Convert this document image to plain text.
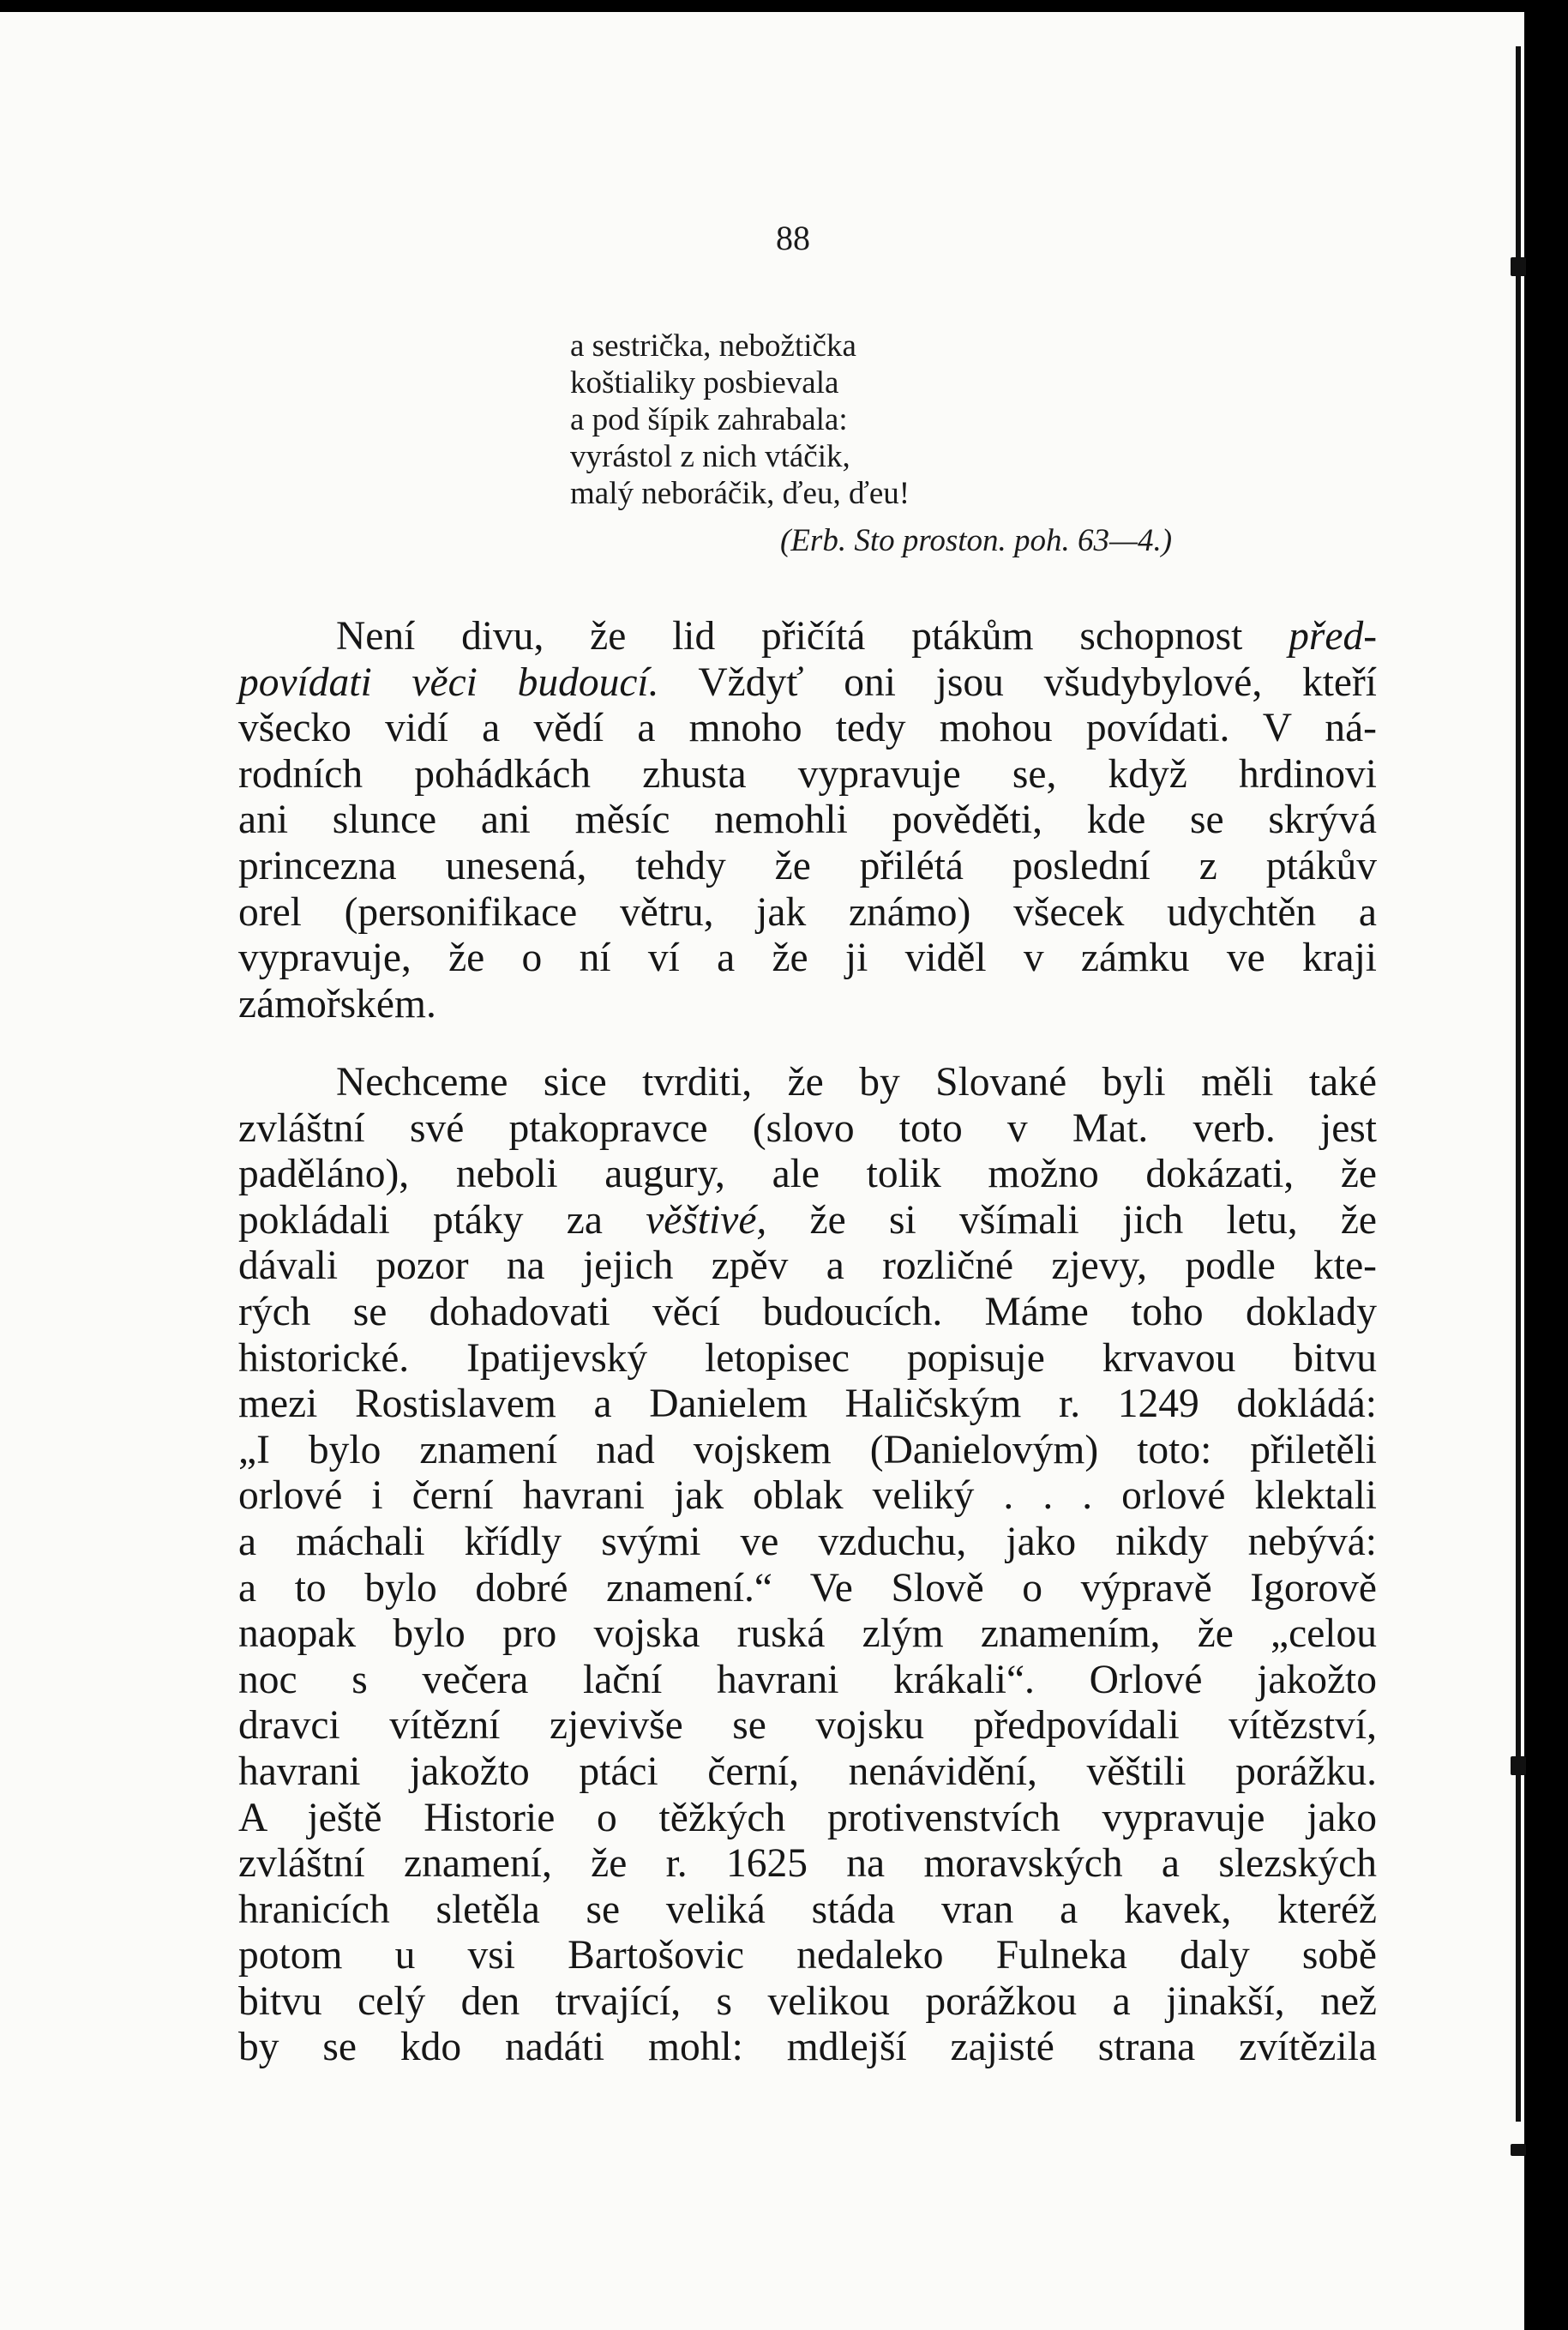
88
a sestrička, nebožtička
koštialiky posbievala
a pod šípik zahrabala:
vyrástol z nich vtáčik,
malý neboráčik, ďeu, ďeu!
(Erb. Sto proston. poh. 63—4.)
Není divu, že lid přičítá ptákům schopnost před-
povídati věci budoucí. Vždyť oni jsou všudybylové, kteří
všecko vidí a vědí a mnoho tedy mohou povídati. V ná-
rodních pohádkách zhusta vypravuje se, když hrdinovi
ani slunce ani měsíc nemohli pověděti, kde se skrývá
princezna unesená, tehdy že přilétá poslední z ptákův
orel (personifikace větru, jak známo) všecek udychtěn a
vypravuje, že o ní ví a že ji viděl v zámku ve kraji
zámořském.
Nechceme sice tvrditi, že by Slované byli měli také
zvláštní své ptakopravce (slovo toto v Mat. verb. jest
paděláno), neboli augury, ale tolik možno dokázati, že
pokládali ptáky za věštivé, že si všímali jich letu, že
dávali pozor na jejich zpěv a rozličné zjevy, podle kte-
rých se dohadovati věcí budoucích. Máme toho doklady
historické. Ipatijevský letopisec popisuje krvavou bitvu
mezi Rostislavem a Danielem Haličským r. 1249 dokládá:
„I bylo znamení nad vojskem (Danielovým) toto: přiletěli
orlové i černí havrani jak oblak veliký . . . orlové klektali
a máchali křídly svými ve vzduchu, jako nikdy nebývá:
a to bylo dobré znamení.“ Ve Slově o výpravě Igorově
naopak bylo pro vojska ruská zlým znamením, že „celou
noc s večera lační havrani krákali“. Orlové jakožto
dravci vítězní zjevivše se vojsku předpovídali vítězství,
havrani jakožto ptáci černí, nenávidění, věštili porážku.
A ještě Historie o těžkých protivenstvích vypravuje jako
zvláštní znamení, že r. 1625 na moravských a slezských
hranicích sletěla se veliká stáda vran a kavek, kteréž
potom u vsi Bartošovic nedaleko Fulneka daly sobě
bitvu celý den trvající, s velikou porážkou a jinakší, než
by se kdo nadáti mohl: mdlejší zajisté strana zvítězila
